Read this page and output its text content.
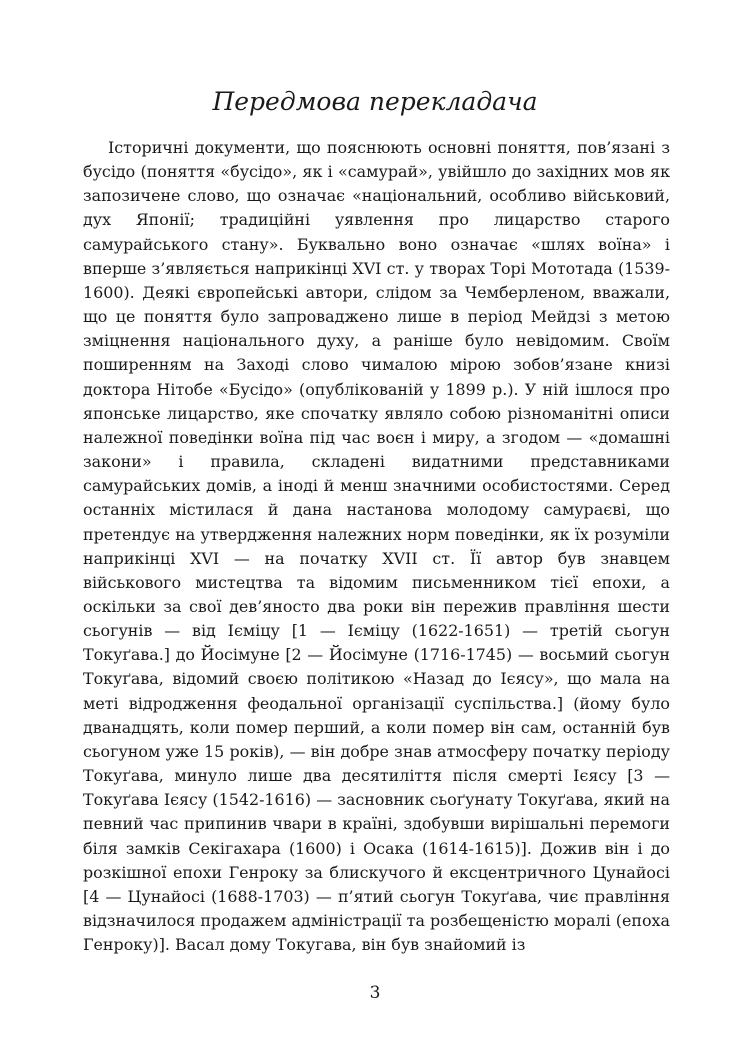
Передмова перекладача

Історичні документи, що пояснюють основні поняття, пов’язані з бусідо (поняття «бусідо», як і «самурай», увійшло до західних мов як запозичене слово, що означає «національний, особливо військовий, дух Японії; традиційні уявлення про лицарство старого самурайського стану». Буквально воно означає «шлях воїна» і вперше з’являється наприкінці XVI ст. у творах Торі Мототада (1539-1600). Деякі європейські автори, слідом за Чемберленом, вважали, що це поняття було запроваджено лише в період Мейдзі з метою зміцнення національного духу, а раніше було невідомим. Своїм поширенням на Заході слово чималою мірою зобов’язане книзі доктора Нітобе «Бусідо» (опублікованій у 1899 р.). У ній ішлося про японське лицарство, яке спочатку являло собою різноманітні описи належної поведінки воїна під час воєн і миру, а згодом — «домашні закони» і правила, складені видатними представниками самурайських домів, а іноді й менш значними особистостями. Серед останніх містилася й дана настанова молодому самураєві, що претендує на утвердження належних норм поведінки, як їх розуміли наприкінці XVI — на початку XVII ст. Її автор був знавцем військового мистецтва та відомим письменником тієї епохи, а оскільки за свої дев’яносто два роки він пережив правління шести сьогунів — від Ієміцу [1 — Ієміцу (1622-1651) — третій сьогун Токуґава.] до Йосімуне [2 — Йосімуне (1716-1745) — восьмий сьогун Токуґава, відомий своєю політикою «Назад до Ієясу», що мала на меті відродження феодальної організації суспільства.] (йому було дванадцять, коли помер перший, а коли помер він сам, останній був сьогуном уже 15 років), — він добре знав атмосферу початку періоду Токуґава, минуло лише два десятиліття після смерті Ієясу [3 — Токуґава Ієясу (1542-1616) — засновник сьоґунату Токуґава, який на певний час припинив чвари в країні, здобувши вирішальні перемоги біля замків Секігахара (1600) і Осака (1614-1615)]. Дожив він і до розкішної епохи Генроку за блискучого й ексцентричного Цунайосі [4 — Цунайосі (1688-1703) — п’ятий сьогун Токуґава, чиє правління відзначилося продажем адміністрації та розбещеністю моралі (епоха Генроку)]. Васал дому Токугава, він був знайомий із

3
